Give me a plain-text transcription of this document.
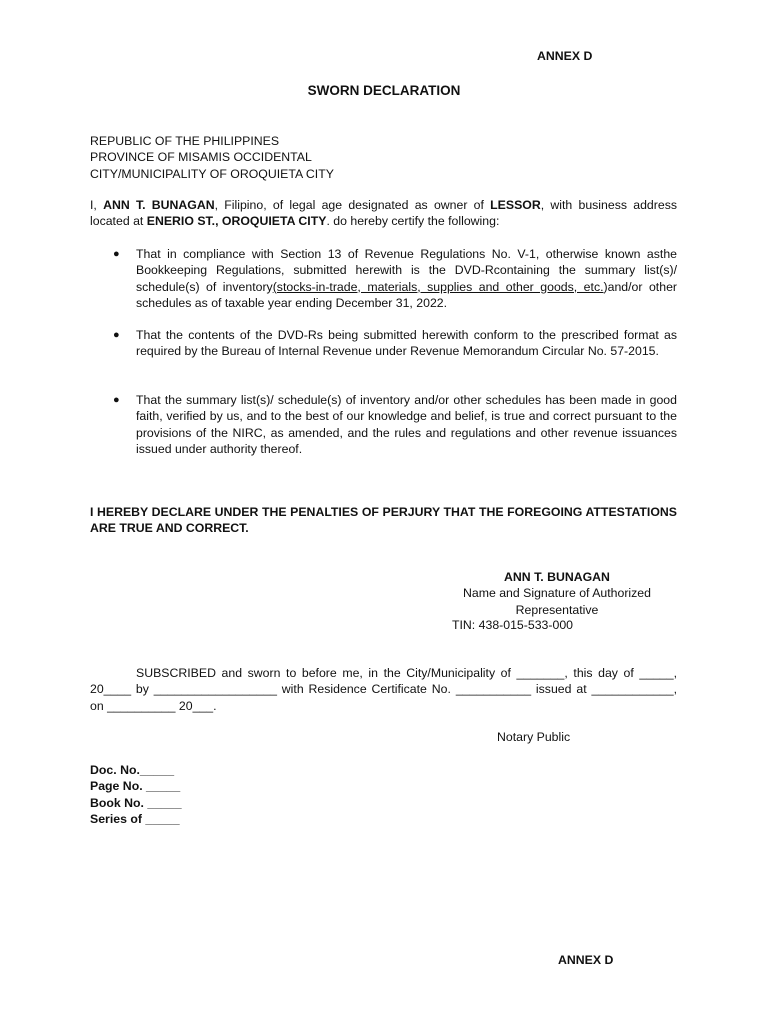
ANNEX D
SWORN DECLARATION
REPUBLIC OF THE PHILIPPINES
PROVINCE OF MISAMIS OCCIDENTAL
CITY/MUNICIPALITY OF OROQUIETA CITY

I, ANN T. BUNAGAN, Filipino, of legal age designated as owner of LESSOR, with business address located at ENERIO ST., OROQUIETA CITY. do hereby certify the following:

● That in compliance with Section 13 of Revenue Regulations No. V-1, otherwise known asthe Bookkeeping Regulations, submitted herewith is the DVD-Rcontaining the summary list(s)/ schedule(s) of inventory(stocks-in-trade, materials, supplies and other goods, etc.)and/or other schedules as of taxable year ending December 31, 2022.

● That the contents of the DVD-Rs being submitted herewith conform to the prescribed format as required by the Bureau of Internal Revenue under Revenue Memorandum Circular No. 57-2015.

● That the summary list(s)/ schedule(s) of inventory and/or other schedules has been made in good faith, verified by us, and to the best of our knowledge and belief, is true and correct pursuant to the provisions of the NIRC, as amended, and the rules and regulations and other revenue issuances issued under authority thereof.

I HEREBY DECLARE UNDER THE PENALTIES OF PERJURY THAT THE FOREGOING ATTESTATIONS ARE TRUE AND CORRECT.

ANN T. BUNAGAN
Name and Signature of Authorized
Representative
TIN: 438-015-533-000

SUBSCRIBED and sworn to before me, in the City/Municipality of _______, this day of _____, 20____ by __________________ with Residence Certificate No. ___________ issued at ____________, on __________ 20___.

Notary Public
Doc. No._____
Page No. _____
Book No. _____
Series of _____
ANNEX D
